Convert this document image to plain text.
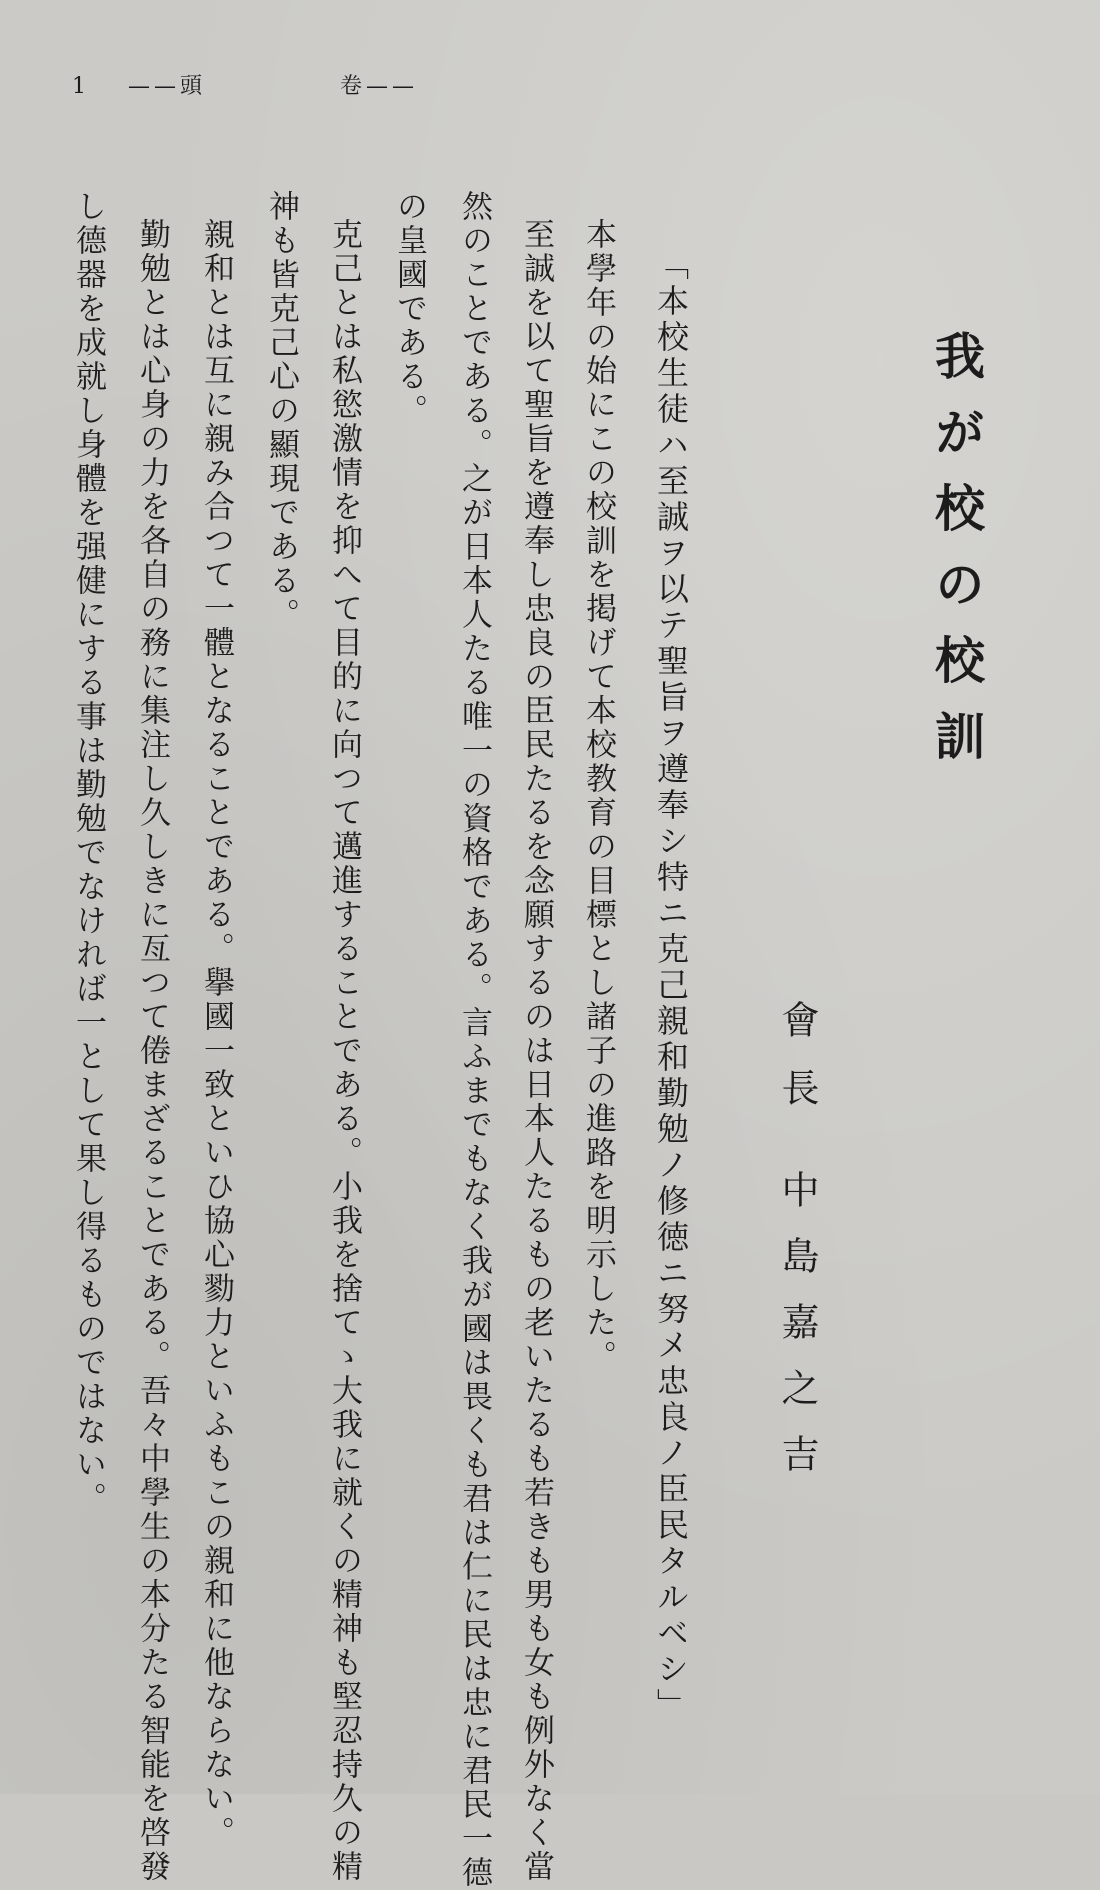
1 ——頭	卷——
我が校の校訓
會長
中島嘉之吉
「本校生徒ハ至誠ヲ以テ聖旨ヲ遵奉シ特ニ克己親和勤勉ノ修徳ニ努メ忠良ノ臣民タルベシ」
本學年の始にこの校訓を掲げて本校教育の目標とし諸子の進路を明示した。
至誠を以て聖旨を遵奉し忠良の臣民たるを念願するのは日本人たるもの老いたるも若きも男も女も例外なく當
然のことである。之が日本人たる唯一の資格である。言ふまでもなく我が國は畏くも君は仁に民は忠に君民一德
の皇國である。
克己とは私慾激情を抑へて目的に向つて邁進することである。小我を捨てゝ大我に就くの精神も堅忍持久の精
神も皆克己心の顯現である。
親和とは互に親み合つて一體となることである。擧國一致といひ協心勠力といふもこの親和に他ならない。
勤勉とは心身の力を各自の務に集注し久しきに亙つて倦まざることである。吾々中學生の本分たる智能を啓發
し德器を成就し身體を强健にする事は勤勉でなければ一として果し得るものではない。
